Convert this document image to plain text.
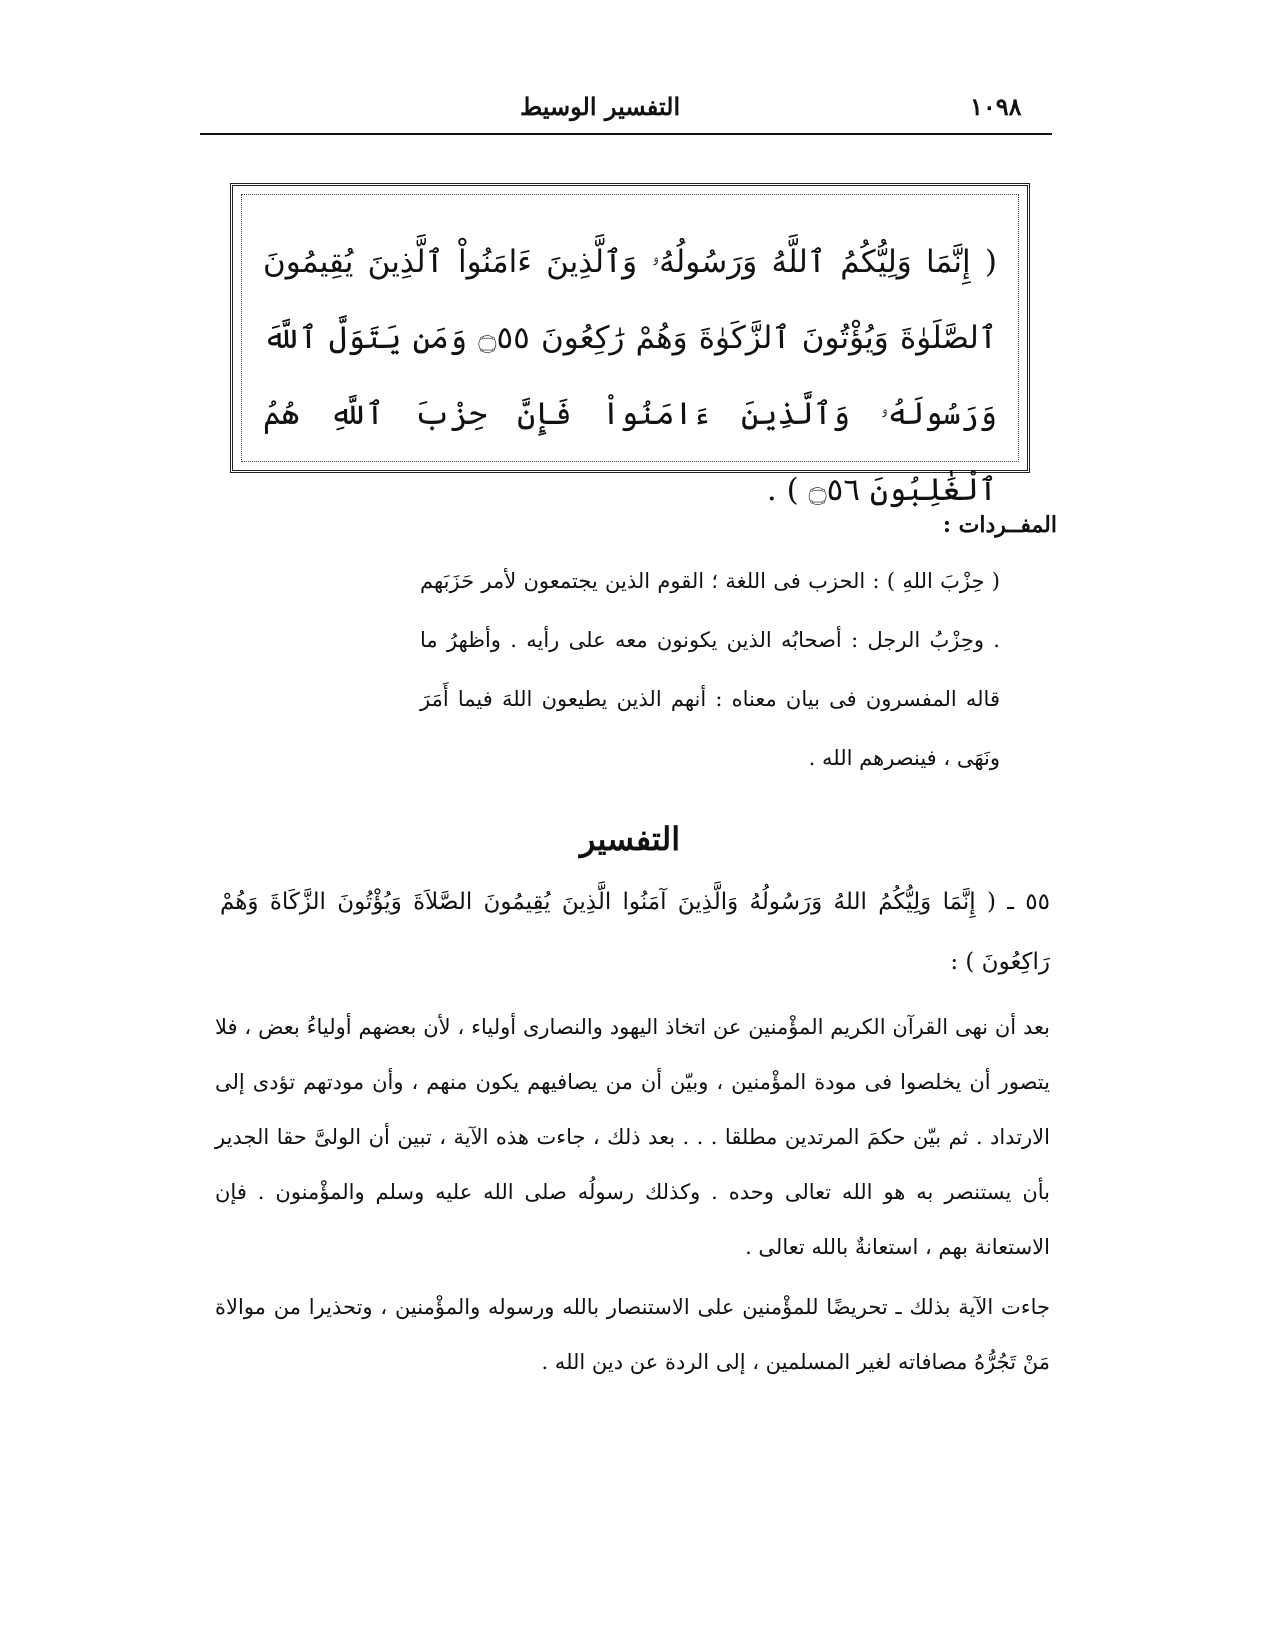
١٠٩٨
التفسير الوسيط
( إِنَّمَا وَلِيُّكُمُ ٱللَّهُ وَرَسُولُهُۥ وَٱلَّذِينَ ءَامَنُواْ ٱلَّذِينَ يُقِيمُونَ ٱلصَّلَوٰةَ وَيُؤْتُونَ ٱلزَّكَوٰةَ وَهُمْ رَٰكِعُونَ ۝٥٥ وَمَن يَتَوَلَّ ٱللَّهَ وَرَسُولَهُۥ وَٱلَّذِينَ ءَامَنُواْ فَإِنَّ حِزْبَ ٱللَّهِ هُمُ ٱلْغَٰلِبُونَ ۝٥٦ ) .
المفــردات :
( حِزْبَ اللهِ ) : الحزب فى اللغة ؛ القوم الذين يجتمعون لأمر حَزَبَهم . وحِزْبُ الرجل : أصحابُه الذين يكونون معه على رأيه . وأظهرُ ما قاله المفسرون فى بيان معناه : أنهم الذين يطيعون اللهَ فيما أَمَرَ ونَهَى ، فينصرهم الله .
التفسير
٥٥ ـ ( إِنَّمَا وَلِيُّكُمُ اللهُ وَرَسُولُهُ وَالَّذِينَ آمَنُوا الَّذِينَ يُقِيمُونَ الصَّلاَةَ وَيُؤْتُونَ الزَّكَاةَ وَهُمْ رَاكِعُونَ ) :
بعد أن نهى القرآن الكريم المؤْمنين عن اتخاذ اليهود والنصارى أولياء ، لأن بعضهم أولياءُ بعض ، فلا يتصور أن يخلصوا فى مودة المؤْمنين ، وبيّن أن من يصافيهم يكون منهم ، وأن مودتهم تؤدى إلى الارتداد . ثم بيّن حكمَ المرتدين مطلقا . . . بعد ذلك ، جاءت هذه الآية ، تبين أن الولىَّ حقا الجدير بأن يستنصر به هو الله تعالى وحده . وكذلك رسولُه صلى الله عليه وسلم والمؤْمنون . فإن الاستعانة بهم ، استعانةٌ بالله تعالى .
جاءت الآية بذلك ـ تحريضًا للمؤْمنين على الاستنصار بالله ورسوله والمؤْمنين ، وتحذيرا من موالاة مَنْ تَجُرُّهُ مصافاته لغير المسلمين ، إلى الردة عن دين الله .
